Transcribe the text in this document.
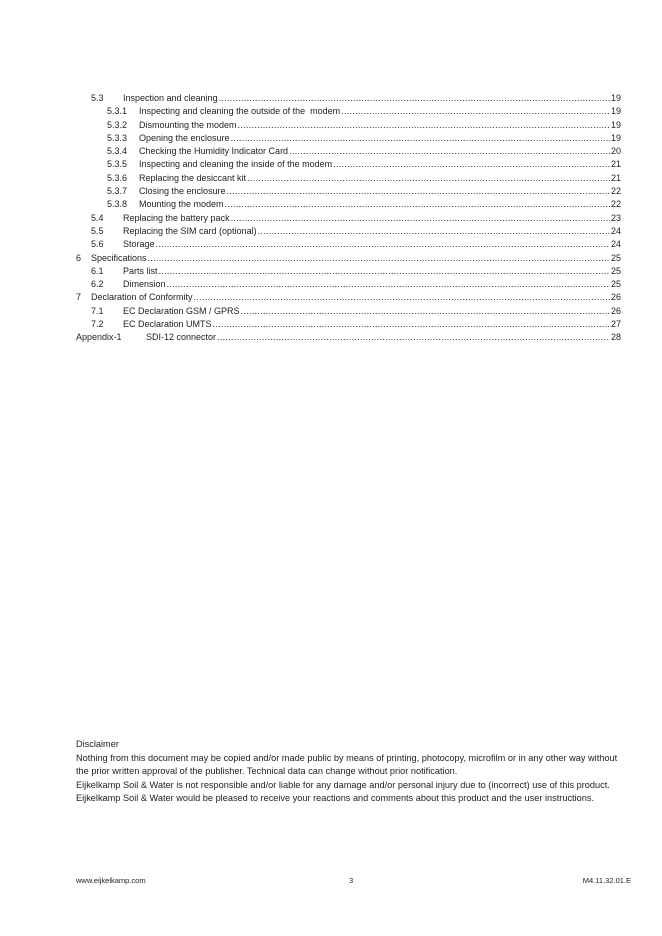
5.3	Inspection and cleaning .....	19
5.3.1	Inspecting and cleaning the outside of the  modem .....	19
5.3.2	Dismounting the modem .....	19
5.3.3	Opening the enclosure .....	19
5.3.4	Checking the Humidity Indicator Card .....	20
5.3.5	Inspecting and cleaning the inside of the modem .....	21
5.3.6	Replacing the desiccant kit .....	21
5.3.7	Closing the enclosure .....	22
5.3.8	Mounting the modem .....	22
5.4	Replacing the battery pack .....	23
5.5	Replacing the SIM card (optional) .....	24
5.6	Storage .....	24
6	Specifications .....	25
6.1	Parts list .....	25
6.2	Dimension .....	25
7	Declaration of Conformity .....	26
7.1	EC Declaration GSM / GPRS .....	26
7.2	EC Declaration UMTS .....	27
Appendix-1	SDI-12 connector .....	28

Disclaimer

Nothing from this document may be copied and/or made public by means of printing, photocopy, microfilm or in any other way without the prior written approval of the publisher. Technical data can change without prior notification.

Eijkelkamp Soil & Water is not responsible and/or liable for any damage and/or personal injury due to (incorrect) use of this product. Eijkelkamp Soil & Water would be pleased to receive your reactions and comments about this product and the user instructions.

www.eijkelkamp.com	3	M4.11.32.01.E
